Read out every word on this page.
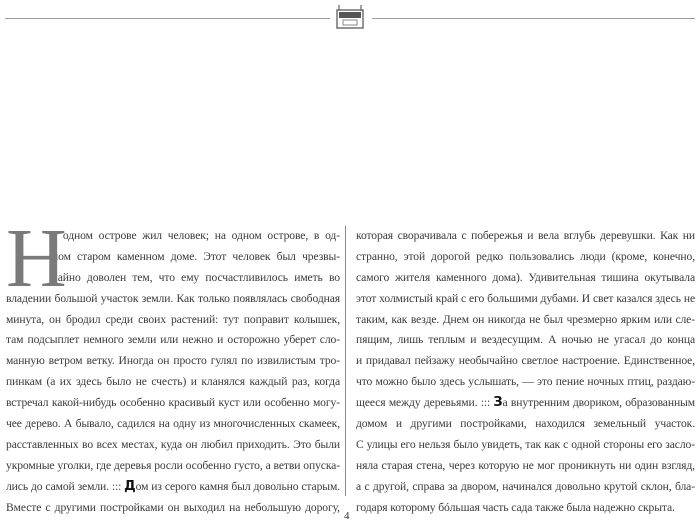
Н
а одном острове жил человек; на одном острове, в од-
ном старом каменном доме. Этот человек был чрезвы-
чайно доволен тем, что ему посчастливилось иметь во
владении большой участок земли. Как только появлялась свободная
минута, он бродил среди своих растений: тут поправит колышек,
там подсыплет немного земли или нежно и осторожно уберет сло-
манную ветром ветку. Иногда он просто гулял по извилистым тро-
пинкам (а их здесь было не счесть) и кланялся каждый раз, когда
встречал какой-нибудь особенно красивый куст или особенно могу-
чее дерево. А бывало, садился на одну из многочисленных скамеек,
расставленных во всех местах, куда он любил приходить. Это были
укромные уголки, где деревья росли особенно густо, а ветви опуска-
лись до самой земли. ::: Дом из серого камня был довольно старым.
Вместе с другими постройками он выходил на небольшую дорогу,
которая сворачивала с побережья и вела вглубь деревушки. Как ни
странно, этой дорогой редко пользовались люди (кроме, конечно,
самого жителя каменного дома). Удивительная тишина окутывала
этот холмистый край с его большими дубами. И свет казался здесь не
таким, как везде. Днем он никогда не был чрезмерно ярким или сле-
пящим, лишь теплым и вездесущим. А ночью не угасал до конца
и придавал пейзажу необычайно светлое настроение. Единственное,
что можно было здесь услышать, — это пение ночных птиц, раздаю-
щееся между деревьями. ::: За внутренним двориком, образованным
домом и другими постройками, находился земельный участок.
С улицы его нельзя было увидеть, так как с одной стороны его засло-
няла старая стена, через которую не мог проникнуть ни один взгляд,
а с другой, справа за двором, начинался довольно крутой склон, бла-
годаря которому бóльшая часть сада также была надежно скрыта.
4
